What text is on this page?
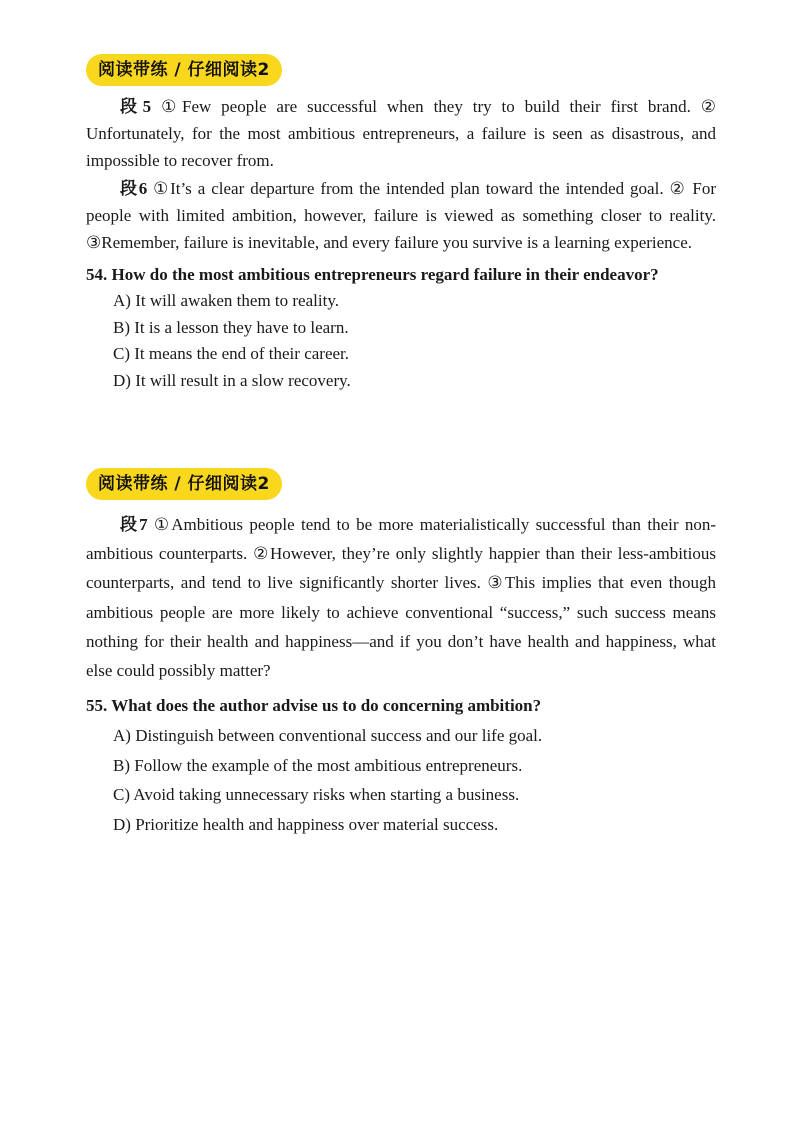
阅读带练 / 仔细阅读2

段5 ①Few people are successful when they try to build their first brand. ② Unfortunately, for the most ambitious entrepreneurs, a failure is seen as disastrous, and impossible to recover from.

段6 ①It’s a clear departure from the intended plan toward the intended goal. ② For people with limited ambition, however, failure is viewed as something closer to reality. ③Remember, failure is inevitable, and every failure you survive is a learning experience.

54. How do the most ambitious entrepreneurs regard failure in their endeavor?

A) It will awaken them to reality.
B) It is a lesson they have to learn.
C) It means the end of their career.
D) It will result in a slow recovery.
阅读带练 / 仔细阅读2

段7 ①Ambitious people tend to be more materialistically successful than their non-ambitious counterparts. ②However, they’re only slightly happier than their less-ambitious counterparts, and tend to live significantly shorter lives. ③This implies that even though ambitious people are more likely to achieve conventional “success,” such success means nothing for their health and happiness—and if you don’t have health and happiness, what else could possibly matter?

55. What does the author advise us to do concerning ambition?

A) Distinguish between conventional success and our life goal.
B) Follow the example of the most ambitious entrepreneurs.
C) Avoid taking unnecessary risks when starting a business.
D) Prioritize health and happiness over material success.
